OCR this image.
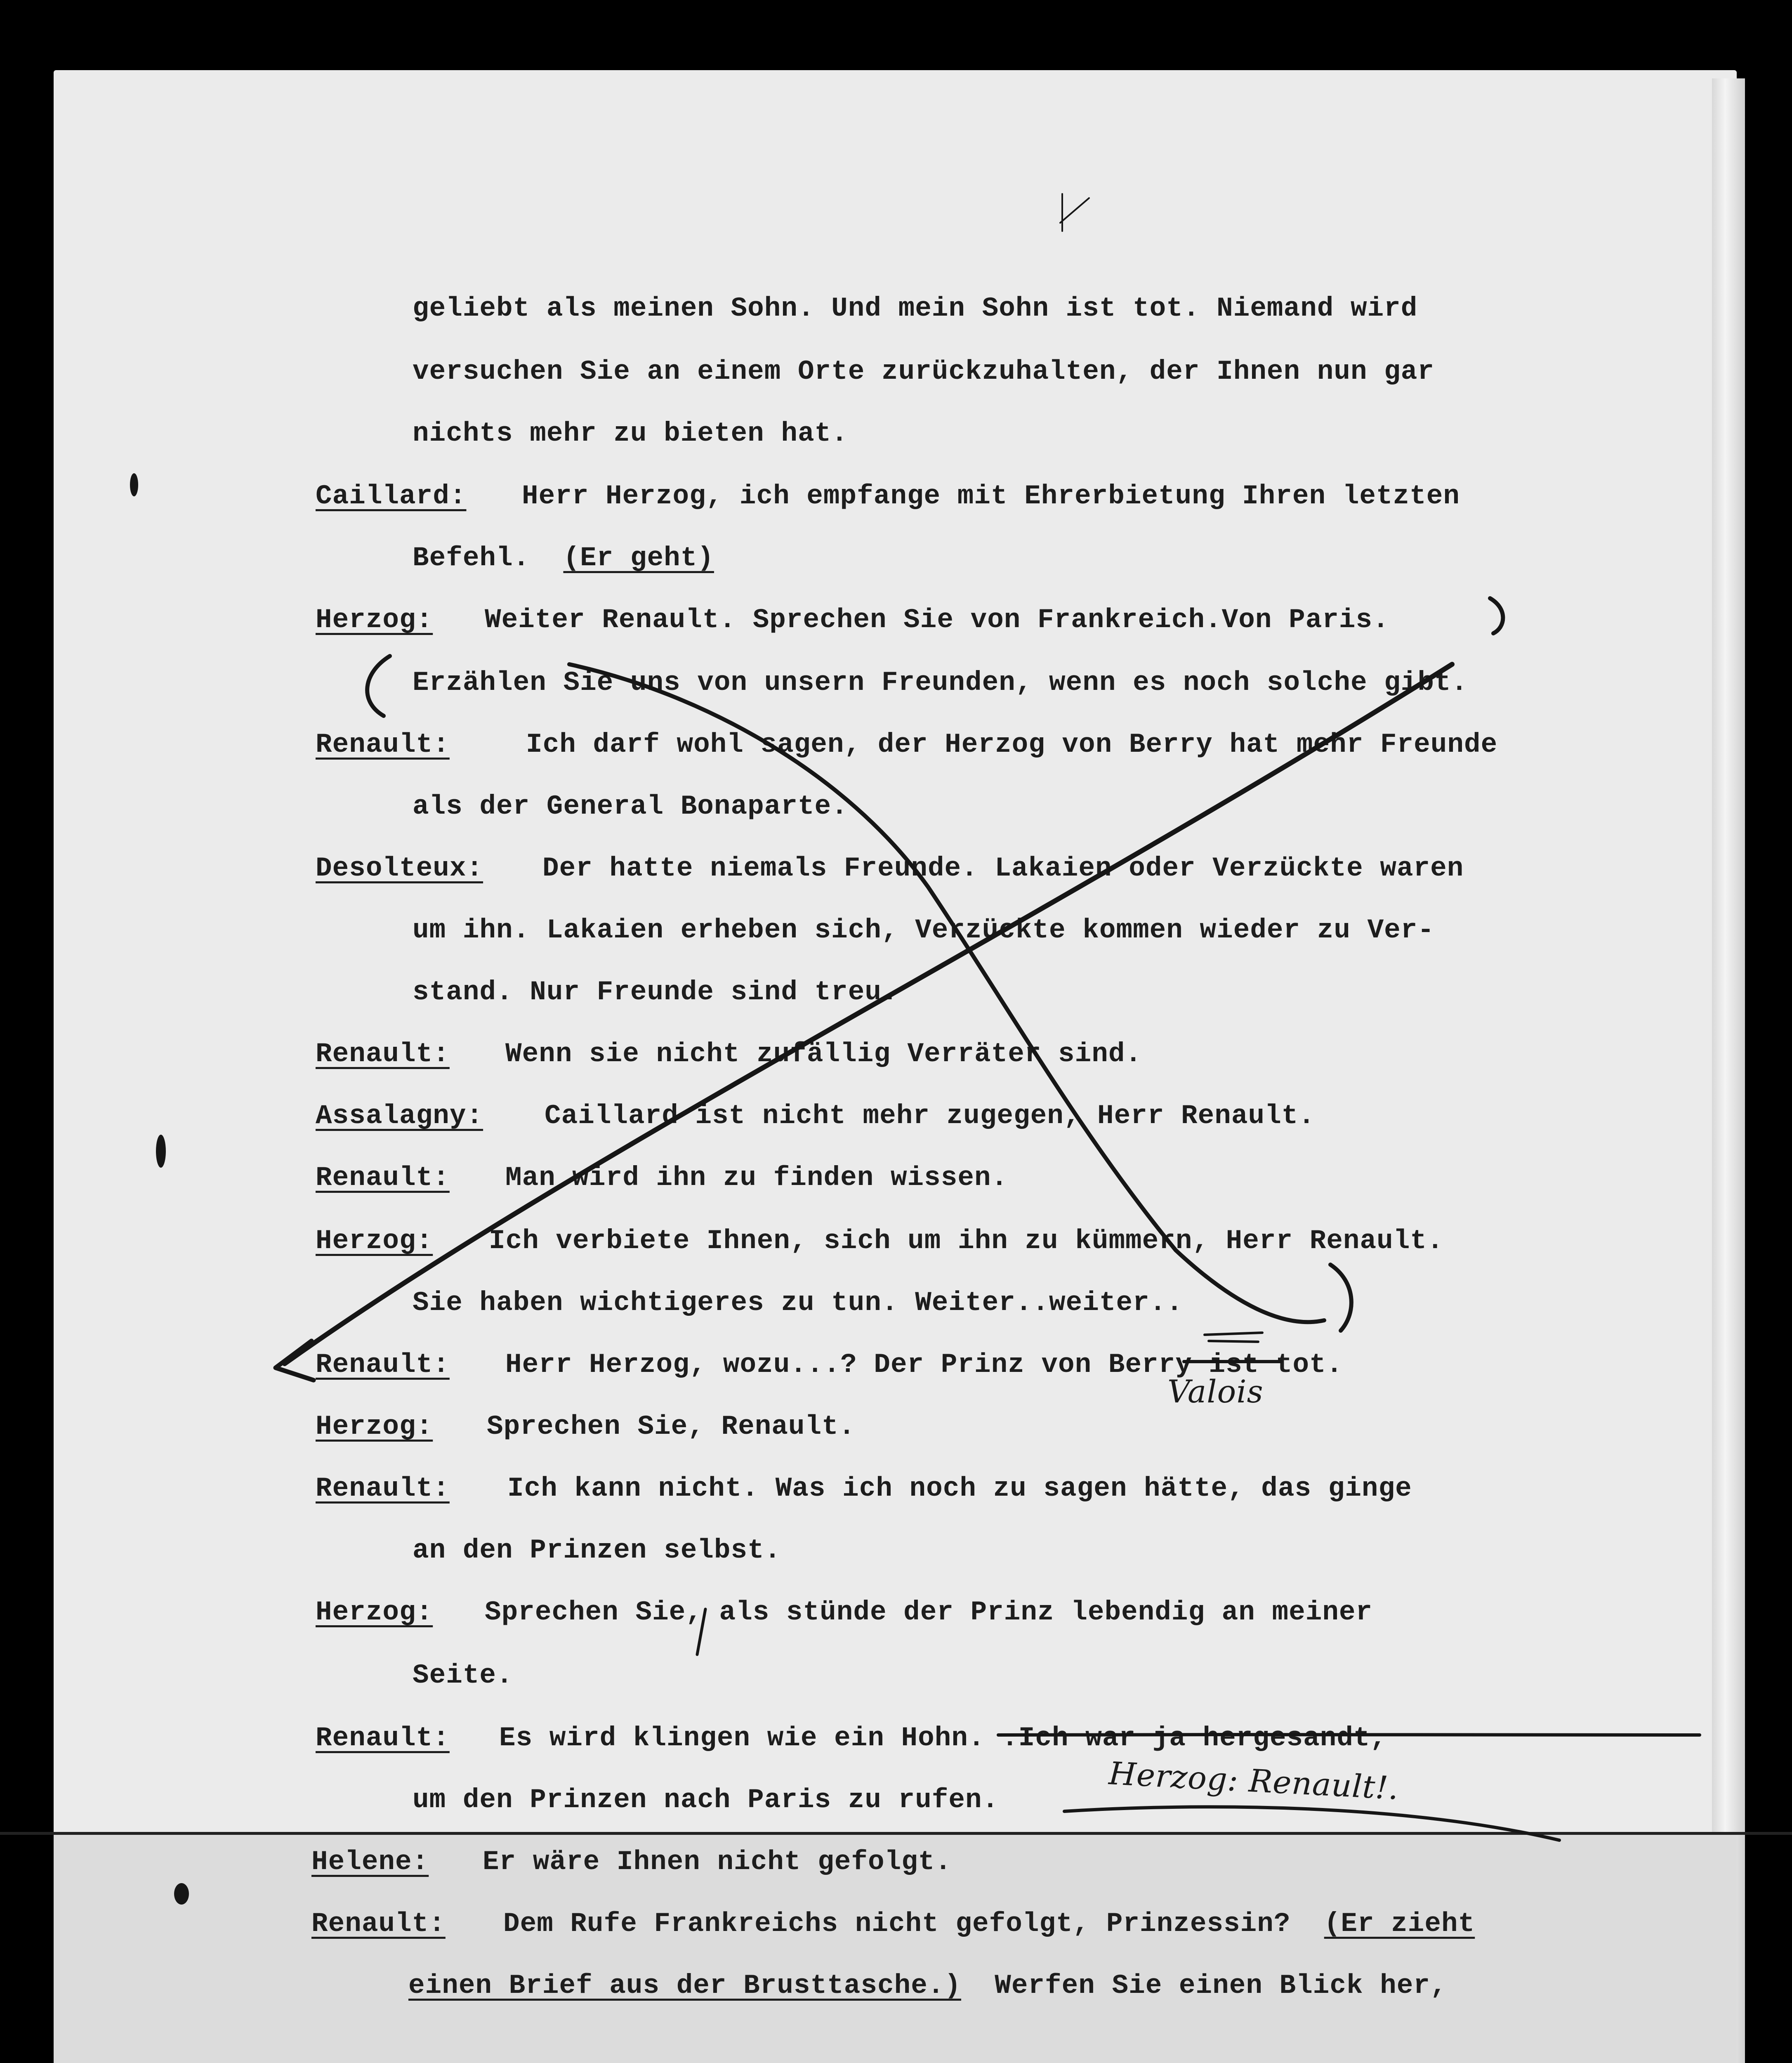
geliebt als meinen Sohn. Und mein Sohn ist tot. Niemand wird
versuchen Sie an einem Orte zurückzuhalten, der Ihnen nun gar
nichts mehr zu bieten hat.
Caillard: Herr Herzog, ich empfange mit Ehrerbietung Ihren letzten
Befehl. (Er geht)
Herzog: Weiter Renault. Sprechen Sie von Frankreich.Von Paris.
Erzählen Sie uns von unsern Freunden, wenn es noch solche gibt.
Renault:	Ich darf wohl sagen, der Herzog von Berry hat mehr Freunde
als der General Bonaparte.
Desolteux: Der hatte niemals Freunde. Lakaien oder Verzückte waren
um ihn. Lakaien erheben sich, Verzückte kommen wieder zu Ver-
stand. Nur Freunde sind treu.
Renault: Wenn sie nicht zufällig Verräter sind.
Assalagny: Caillard ist nicht mehr zugegen, Herr Renault.
Renault: Man wird ihn zu finden wissen.
Herzog: Ich verbiete Ihnen, sich um ihn zu kümmern, Herr Renault.
Sie haben wichtigeres zu tun. Weiter..weiter..
Renault: Herr Herzog, wozu...? Der Prinz von Berry ist tot.
Herzog: Sprechen Sie, Renault.
Renault: Ich kann nicht. Was ich noch zu sagen hätte, das ginge
an den Prinzen selbst.
Herzog: Sprechen Sie, als stünde der Prinz lebendig an meiner
Seite.
Renault: Es wird klingen wie ein Hohn. .Ich war ja hergesandt,
um den Prinzen nach Paris zu rufen.
Helene: Er wäre Ihnen nicht gefolgt.
Renault: Dem Rufe Frankreichs nicht gefolgt, Prinzessin? (Er zieht
einen Brief aus der Brusttasche.) Werfen Sie einen Blick her,
Valois
Herzog: Renault!.
